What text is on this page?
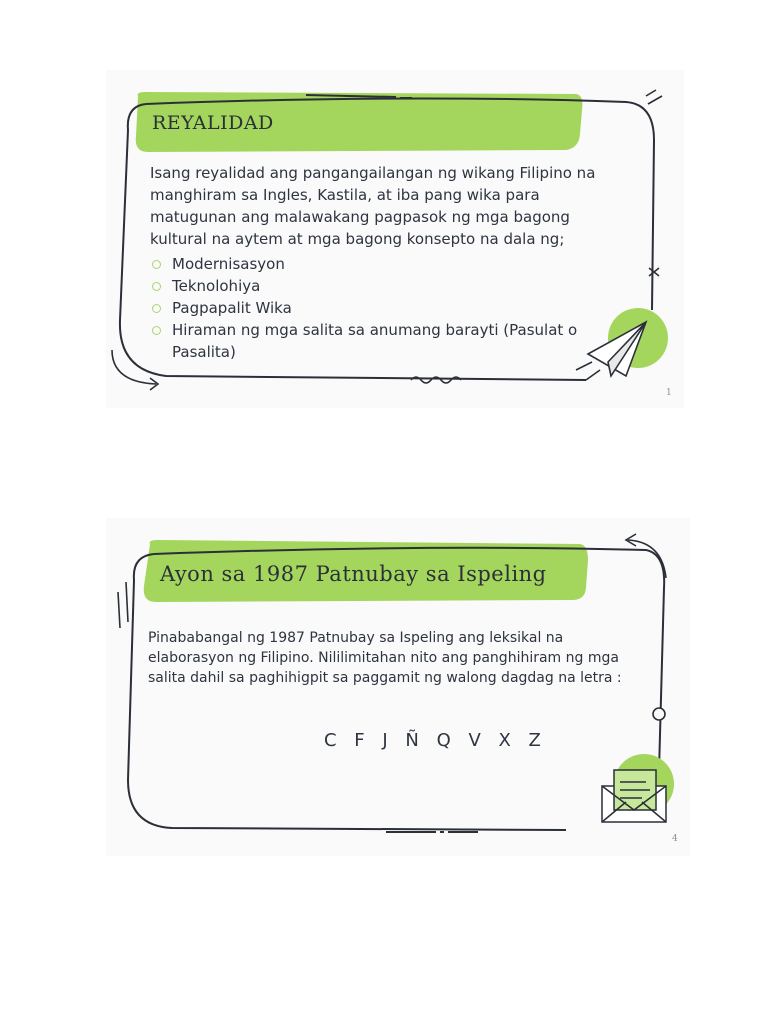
REYALIDAD
Isang reyalidad ang pangangailangan ng wikang Filipino na manghiram sa Ingles, Kastila, at iba pang wika para matugunan ang malawakang pagpasok ng mga bagong kultural na aytem at mga bagong konsepto na dala ng;
Modernisasyon
Teknolohiya
Pagpapalit Wika
Hiraman ng mga salita sa anumang barayti (Pasulat o Pasalita)
1
Ayon sa 1987 Patnubay sa Ispeling
Pinababangal ng 1987 Patnubay sa Ispeling ang leksikal na elaborasyon ng Filipino. Nililimitahan nito ang panghihiram ng mga salita dahil sa paghihigpit sa paggamit ng walong dagdag na letra :
C F J Ñ Q V X Z
4
